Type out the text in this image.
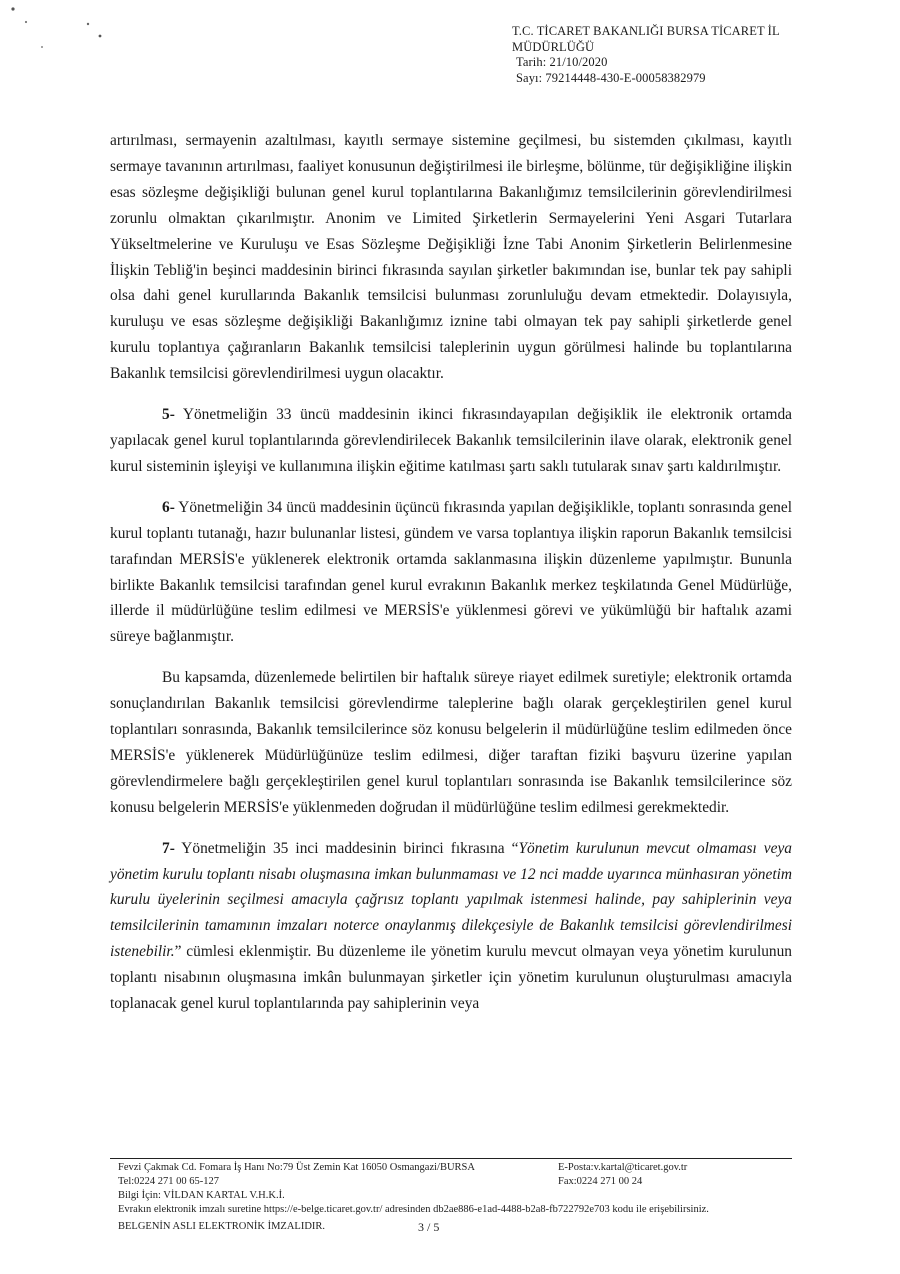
T.C. TİCARET BAKANLIĞI BURSA TİCARET İL
MÜDÜRLÜĞÜ
Tarih: 21/10/2020
Sayı: 79214448-430-E-00058382979

artırılması, sermayenin azaltılması, kayıtlı sermaye sistemine geçilmesi, bu sistemden çıkılması, kayıtlı sermaye tavanının artırılması, faaliyet konusunun değiştirilmesi ile birleşme, bölünme, tür değişikliğine ilişkin esas sözleşme değişikliği bulunan genel kurul toplantılarına Bakanlığımız temsilcilerinin görevlendirilmesi zorunlu olmaktan çıkarılmıştır. Anonim ve Limited Şirketlerin Sermayelerini Yeni Asgari Tutarlara Yükseltmelerine ve Kuruluşu ve Esas Sözleşme Değişikliği İzne Tabi Anonim Şirketlerin Belirlenmesine İlişkin Tebliğ'in beşinci maddesinin birinci fıkrasında sayılan şirketler bakımından ise, bunlar tek pay sahipli olsa dahi genel kurullarında Bakanlık temsilcisi bulunması zorunluluğu devam etmektedir. Dolayısıyla, kuruluşu ve esas sözleşme değişikliği Bakanlığımız iznine tabi olmayan tek pay sahipli şirketlerde genel kurulu toplantıya çağıranların Bakanlık temsilcisi taleplerinin uygun görülmesi halinde bu toplantılarına Bakanlık temsilcisi görevlendirilmesi uygun olacaktır.

5- Yönetmeliğin 33 üncü maddesinin ikinci fıkrasındayapılan değişiklik ile elektronik ortamda yapılacak genel kurul toplantılarında görevlendirilecek Bakanlık temsilcilerinin ilave olarak, elektronik genel kurul sisteminin işleyişi ve kullanımına ilişkin eğitime katılması şartı saklı tutularak sınav şartı kaldırılmıştır.

6- Yönetmeliğin 34 üncü maddesinin üçüncü fıkrasında yapılan değişiklikle, toplantı sonrasında genel kurul toplantı tutanağı, hazır bulunanlar listesi, gündem ve varsa toplantıya ilişkin raporun Bakanlık temsilcisi tarafından MERSİS'e yüklenerek elektronik ortamda saklanmasına ilişkin düzenleme yapılmıştır. Bununla birlikte Bakanlık temsilcisi tarafından genel kurul evrakının Bakanlık merkez teşkilatında Genel Müdürlüğe, illerde il müdürlüğüne teslim edilmesi ve MERSİS'e yüklenmesi görevi ve yükümlüğü bir haftalık azami süreye bağlanmıştır.

Bu kapsamda, düzenlemede belirtilen bir haftalık süreye riayet edilmek suretiyle; elektronik ortamda sonuçlandırılan Bakanlık temsilcisi görevlendirme taleplerine bağlı olarak gerçekleştirilen genel kurul toplantıları sonrasında, Bakanlık temsilcilerince söz konusu belgelerin il müdürlüğüne teslim edilmeden önce MERSİS'e yüklenerek Müdürlüğünüze teslim edilmesi, diğer taraftan fiziki başvuru üzerine yapılan görevlendirmelere bağlı gerçekleştirilen genel kurul toplantıları sonrasında ise Bakanlık temsilcilerince söz konusu belgelerin MERSİS'e yüklenmeden doğrudan il müdürlüğüne teslim edilmesi gerekmektedir.

7- Yönetmeliğin 35 inci maddesinin birinci fıkrasına “Yönetim kurulunun mevcut olmaması veya yönetim kurulu toplantı nisabı oluşmasına imkan bulunmaması ve 12 nci madde uyarınca münhasıran yönetim kurulu üyelerinin seçilmesi amacıyla çağrısız toplantı yapılmak istenmesi halinde, pay sahiplerinin veya temsilcilerinin tamamının imzaları noterce onaylanmış dilekçesiyle de Bakanlık temsilcisi görevlendirilmesi istenebilir.” cümlesi eklenmiştir. Bu düzenleme ile yönetim kurulu mevcut olmayan veya yönetim kurulunun toplantı nisabının oluşmasına imkân bulunmayan şirketler için yönetim kurulunun oluşturulması amacıyla toplanacak genel kurul toplantılarında pay sahiplerinin veya

Fevzi Çakmak Cd. Fomara İş Hanı No:79 Üst Zemin Kat 16050 Osmangazi/BURSA	E-Posta:v.kartal@ticaret.gov.tr
Tel:0224 271 00 65-127	Fax:0224 271 00 24
Bilgi İçin: VİLDAN KARTAL V.H.K.İ.
Evrakın elektronik imzalı suretine https://e-belge.ticaret.gov.tr/ adresinden db2ae886-e1ad-4488-b2a8-fb722792e703 kodu ile erişebilirsiniz.
BELGENİN ASLI ELEKTRONİK İMZALIDIR.	3 / 5
